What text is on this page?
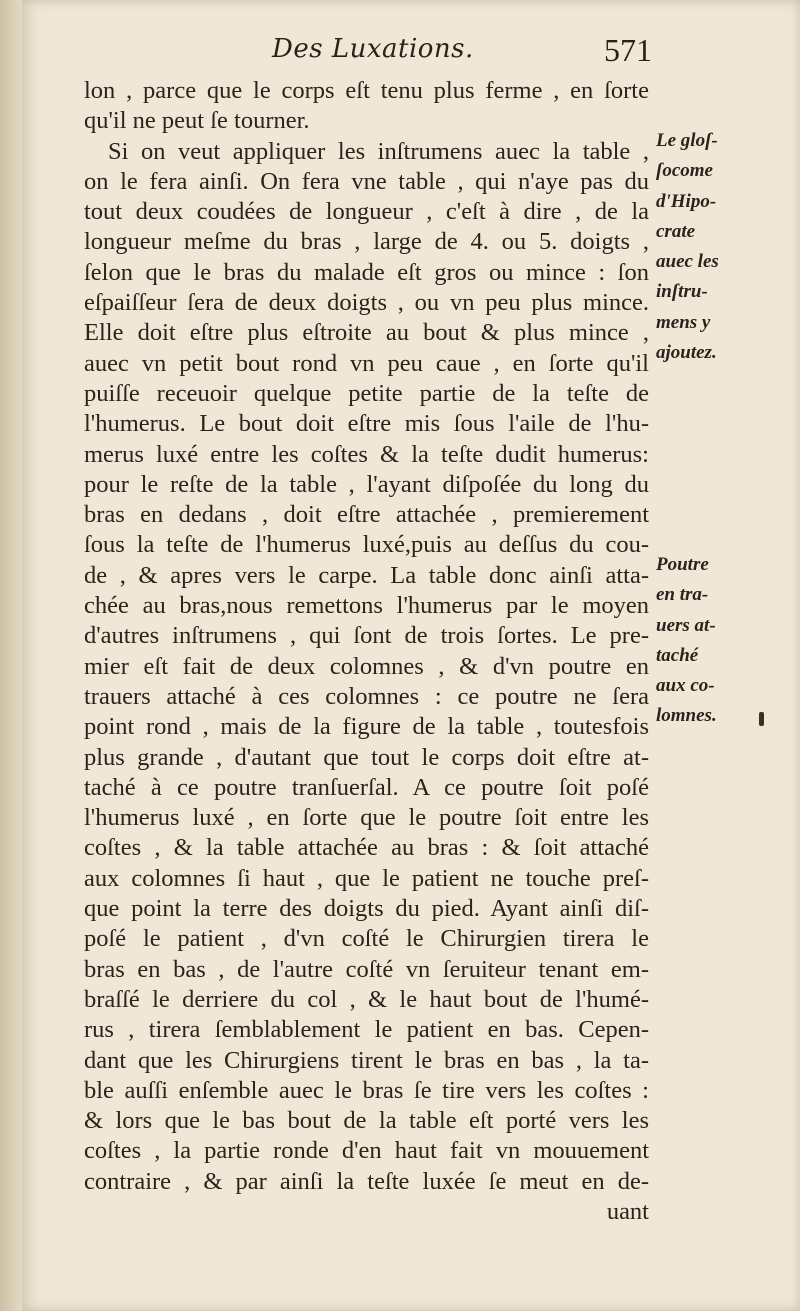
Des Luxations.	571
lon , parce que le corps eſt tenu plus ferme , en ſorte
qu'il ne peut ſe tourner.
Si on veut appliquer les inſtrumens auec la table ,
on le fera ainſi. On fera vne table , qui n'aye pas du
tout deux coudées de longueur , c'eſt à dire , de la
longueur meſme du bras , large de 4. ou 5. doigts ,
ſelon que le bras du malade eſt gros ou mince : ſon
eſpaiſſeur ſera de deux doigts , ou vn peu plus mince.
Elle doit eſtre plus eſtroite au bout & plus mince ,
auec vn petit bout rond vn peu caue , en ſorte qu'il
puiſſe receuoir quelque petite partie de la teſte de
l'humerus. Le bout doit eſtre mis ſous l'aile de l'hu-
merus luxé entre les coſtes & la teſte dudit humerus:
pour le reſte de la table , l'ayant diſpoſée du long du
bras en dedans , doit eſtre attachée , premierement
ſous la teſte de l'humerus luxé,puis au deſſus du cou-
de , & apres vers le carpe. La table donc ainſi atta-
chée au bras,nous remettons l'humerus par le moyen
d'autres inſtrumens , qui ſont de trois ſortes. Le pre-
mier eſt fait de deux colomnes , & d'vn poutre en
trauers attaché à ces colomnes : ce poutre ne ſera
point rond , mais de la figure de la table , toutesfois
plus grande , d'autant que tout le corps doit eſtre at-
taché à ce poutre tranſuerſal. A ce poutre ſoit poſé
l'humerus luxé , en ſorte que le poutre ſoit entre les
coſtes , & la table attachée au bras : & ſoit attaché
aux colomnes ſi haut , que le patient ne touche preſ-
que point la terre des doigts du pied. Ayant ainſi diſ-
poſé le patient , d'vn coſté le Chirurgien tirera le
bras en bas , de l'autre coſté vn ſeruiteur tenant em-
braſſé le derriere du col , & le haut bout de l'humé-
rus , tirera ſemblablement le patient en bas. Cepen-
dant que les Chirurgiens tirent le bras en bas , la ta-
ble auſſi enſemble auec le bras ſe tire vers les coſtes :
& lors que le bas bout de la table eſt porté vers les
coſtes , la partie ronde d'en haut fait vn mouuement
contraire , & par ainſi la teſte luxée ſe meut en de-
uant
Le gloſ-
ſocome
d'Hipo-
crate
auec les
inſtru-
mens y
ajoutez.
Poutre
en tra-
uers at-
taché
aux co-
lomnes.
